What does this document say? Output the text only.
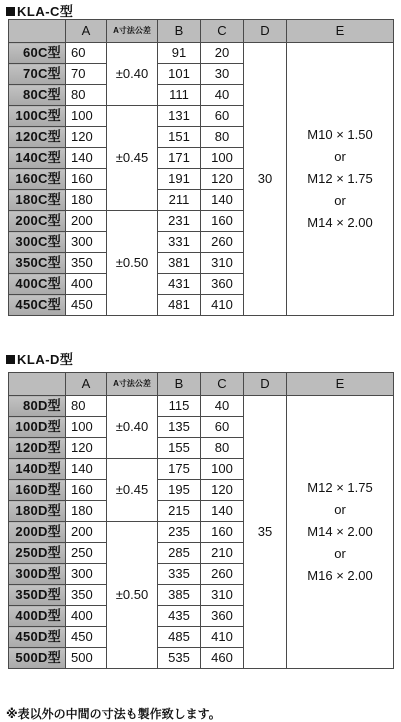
KLA-C型
	A	A寸法公差	B	C	D	E
60C型	60	±0.40	91	20	30	M10 × 1.50
or
M12 × 1.75
or
M14 × 2.00

70C型	70		101	30		
80C型	80		111	40		
100C型	100	±0.45	131	60		
120C型	120		151	80		
140C型	140		171	100		
160C型	160		191	120		
180C型	180		211	140		
200C型	200	±0.50	231	160		
300C型	300		331	260		
350C型	350		381	310		
400C型	400		431	360		
450C型	450		481	410		
KLA-D型
	A	A寸法公差	B	C	D	E
80D型	80	±0.40	115	40	35	M12 × 1.75
or
M14 × 2.00
or
M16 × 2.00

100D型	100		135	60		
120D型	120		155	80		
140D型	140	±0.45	175	100		
160D型	160		195	120		
180D型	180		215	140		
200D型	200	±0.50	235	160		
250D型	250		285	210		
300D型	300		335	260		
350D型	350		385	310		
400D型	400		435	360		
450D型	450		485	410		
500D型	500		535	460		
※表以外の中間の寸法も製作致します。
